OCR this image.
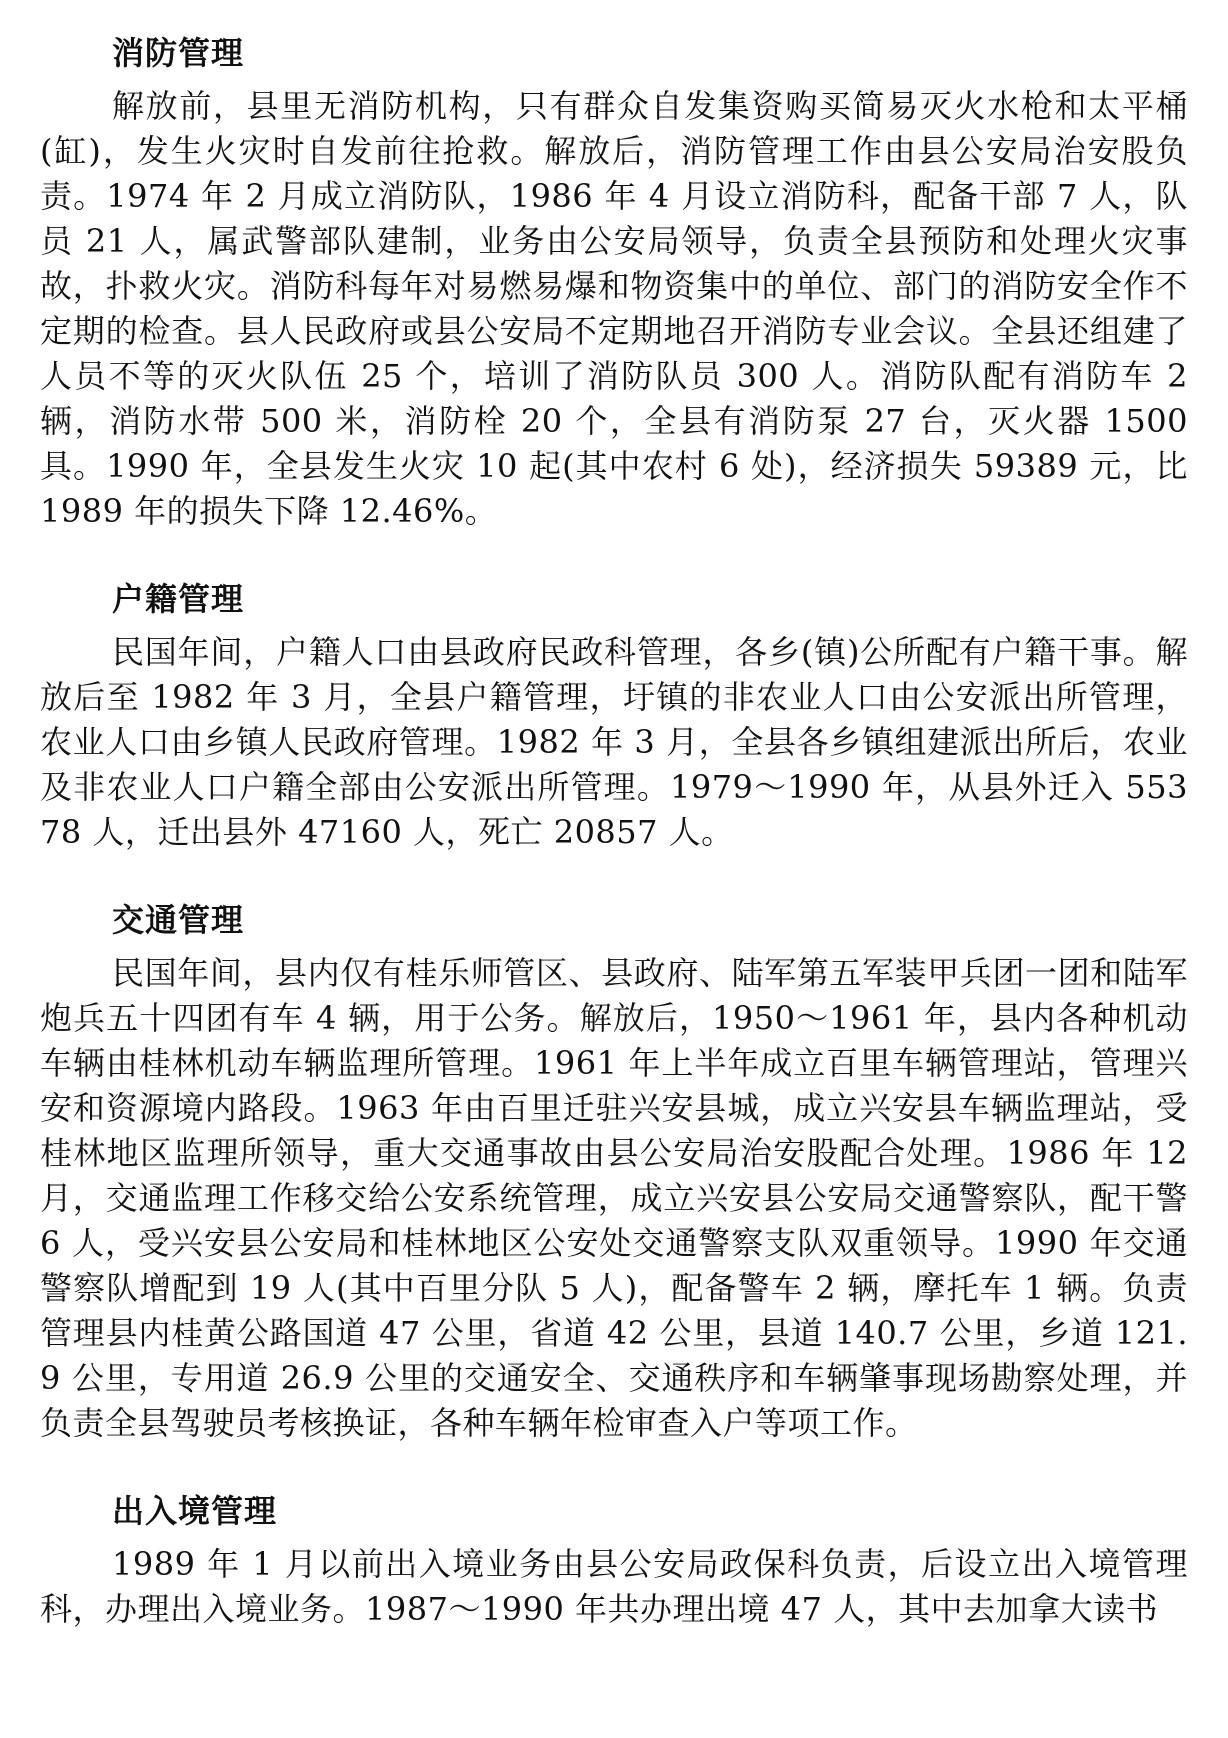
消防管理

解放前，县里无消防机构，只有群众自发集资购买简易灭火水枪和太平桶(缸)，发生火灾时自发前往抢救。解放后，消防管理工作由县公安局治安股负责。1974 年 2 月成立消防队，1986 年 4 月设立消防科，配备干部 7 人，队员 21 人，属武警部队建制，业务由公安局领导，负责全县预防和处理火灾事故，扑救火灾。消防科每年对易燃易爆和物资集中的单位、部门的消防安全作不定期的检查。县人民政府或县公安局不定期地召开消防专业会议。全县还组建了人员不等的灭火队伍 25 个，培训了消防队员 300 人。消防队配有消防车 2 辆，消防水带 500 米，消防栓 20 个，全县有消防泵 27 台，灭火器 1500 具。1990 年，全县发生火灾 10 起(其中农村 6 处)，经济损失 59389 元，比 1989 年的损失下降 12.46%。

户籍管理

民国年间，户籍人口由县政府民政科管理，各乡(镇)公所配有户籍干事。解放后至 1982 年 3 月，全县户籍管理，圩镇的非农业人口由公安派出所管理，农业人口由乡镇人民政府管理。1982 年 3 月，全县各乡镇组建派出所后，农业及非农业人口户籍全部由公安派出所管理。1979～1990 年，从县外迁入 55378 人，迁出县外 47160 人，死亡 20857 人。

交通管理

民国年间，县内仅有桂乐师管区、县政府、陆军第五军装甲兵团一团和陆军炮兵五十四团有车 4 辆，用于公务。解放后，1950～1961 年，县内各种机动车辆由桂林机动车辆监理所管理。1961 年上半年成立百里车辆管理站，管理兴安和资源境内路段。1963 年由百里迁驻兴安县城，成立兴安县车辆监理站，受桂林地区监理所领导，重大交通事故由县公安局治安股配合处理。1986 年 12 月，交通监理工作移交给公安系统管理，成立兴安县公安局交通警察队，配干警 6 人，受兴安县公安局和桂林地区公安处交通警察支队双重领导。1990 年交通警察队增配到 19 人(其中百里分队 5 人)，配备警车 2 辆，摩托车 1 辆。负责管理县内桂黄公路国道 47 公里，省道 42 公里，县道 140.7 公里，乡道 121.9 公里，专用道 26.9 公里的交通安全、交通秩序和车辆肇事现场勘察处理，并负责全县驾驶员考核换证，各种车辆年检审查入户等项工作。

出入境管理

1989 年 1 月以前出入境业务由县公安局政保科负责，后设立出入境管理科，办理出入境业务。1987～1990 年共办理出境 47 人，其中去加拿大读书
